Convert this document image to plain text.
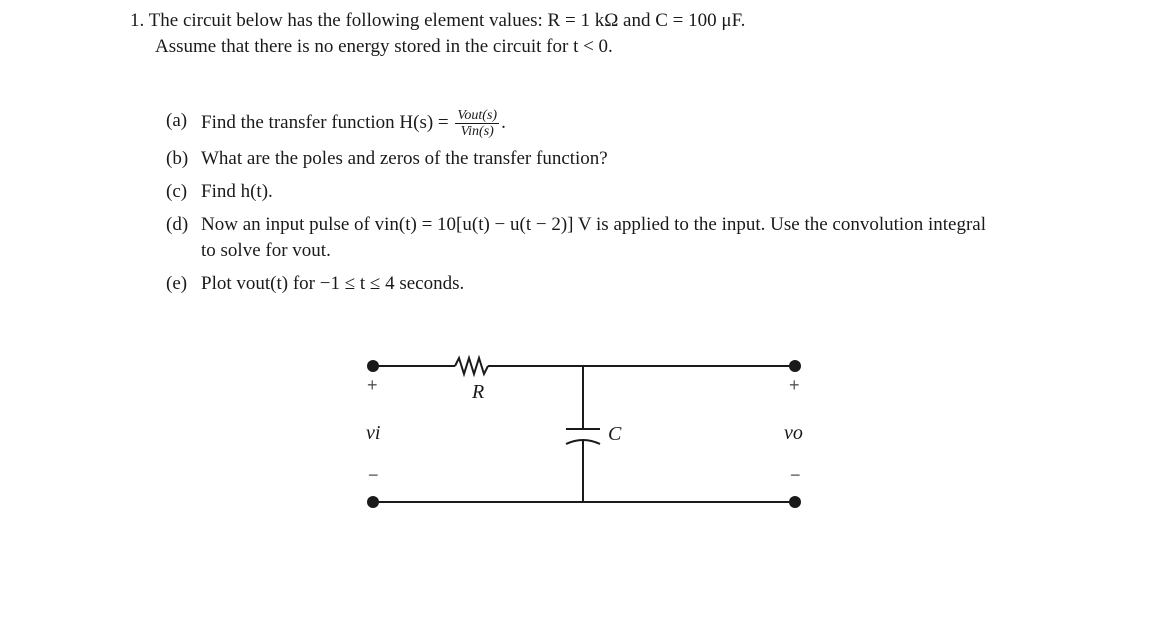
1. The circuit below has the following element values: R = 1 kΩ and C = 100 μF.
Assume that there is no energy stored in the circuit for t < 0.
(a) Find the transfer function $H(s) = \frac{\text{Vout(s)}}{\text{Vin(s)}}$ .
(b) What are the poles and zeros of the transfer function?
(c) Find h(t).
(d) Now an input pulse of vin(t) = 10[u(t) − u(t − 2)] V is applied to the input. Use the convolution integral
to solve for vout.
(e) Plot vout(t) for −1 ≤ t ≤ 4 seconds.
R
C
+
vi
−
+
vo
−
